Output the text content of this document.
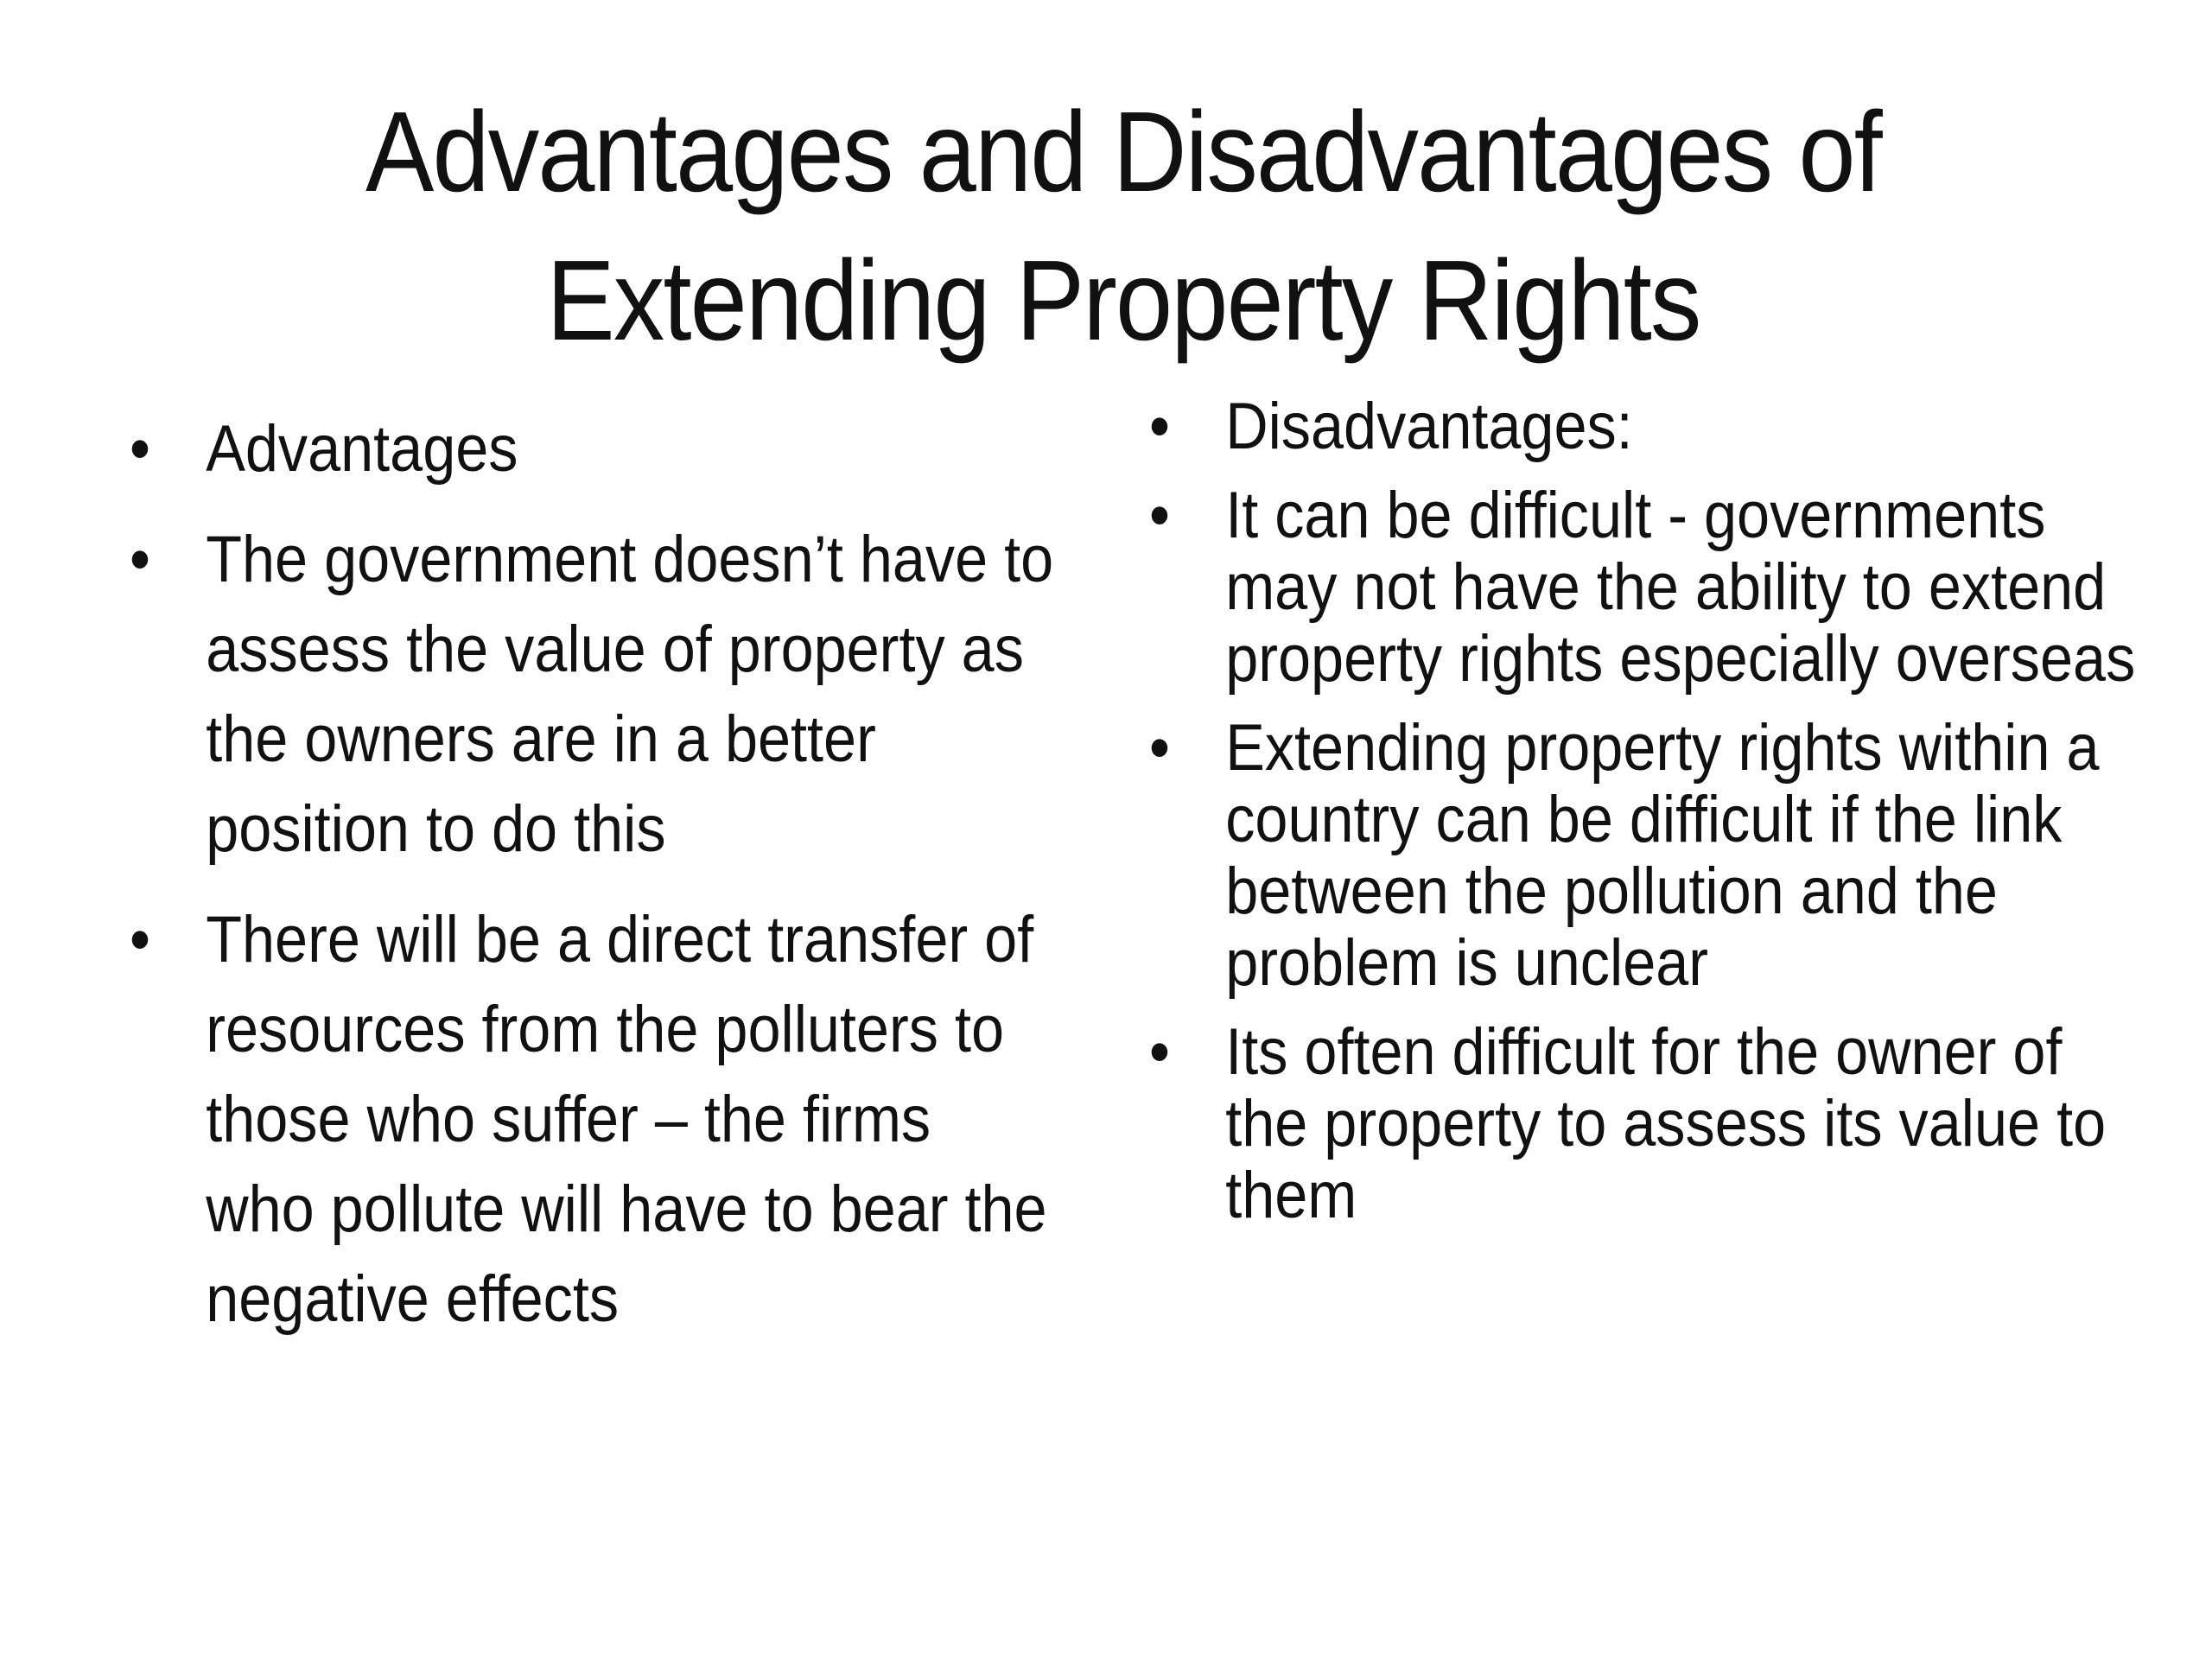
Advantages and Disadvantages of
Extending Property Rights
• Advantages
• The government doesn’t have to assess the value of property as the owners are in a better position to do this
• There will be a direct transfer of resources from the polluters to those who suffer – the firms who pollute will have to bear the negative effects
• Disadvantages:
• It can be difficult - governments may not have the ability to extend property rights especially overseas
• Extending property rights within a country can be difficult if the link between the pollution and the problem is unclear
• Its often difficult for the owner of the property to assess its value to them
